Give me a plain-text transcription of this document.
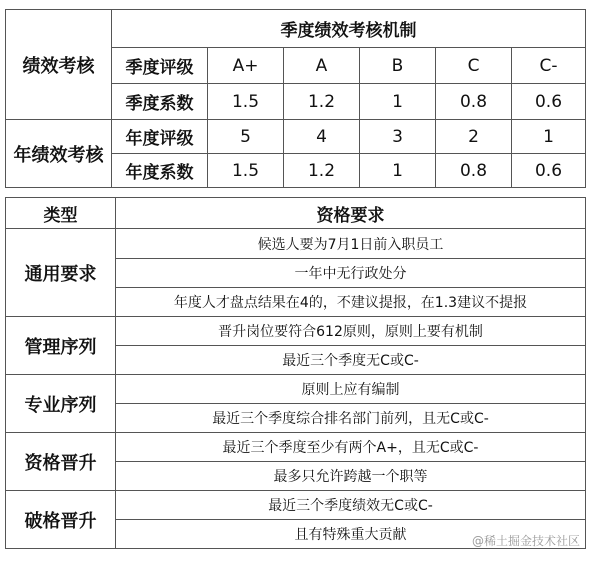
绩效考核	季度绩效考核机制					
	季度评级	A+	A	B	C	C-
	季度系数	1.5	1.2	1	0.8	0.6
年绩效考核	年度评级	5	4	3	2	1
	年度系数	1.5	1.2	1	0.8	0.6
类型	资格要求
通用要求	候选人要为7月1日前入职员工
	一年中无行政处分
	年度人才盘点结果在4的，不建议提报，在1.3建议不提报
管理序列	晋升岗位要符合612原则，原则上要有机制
	最近三个季度无C或C-
专业序列	原则上应有编制
	最近三个季度综合排名部门前列，且无C或C-
资格晋升	最近三个季度至少有两个A+，且无C或C-
	最多只允许跨越一个职等
破格晋升	最近三个季度绩效无C或C-
	且有特殊重大贡献	@稀土掘金技术社区
